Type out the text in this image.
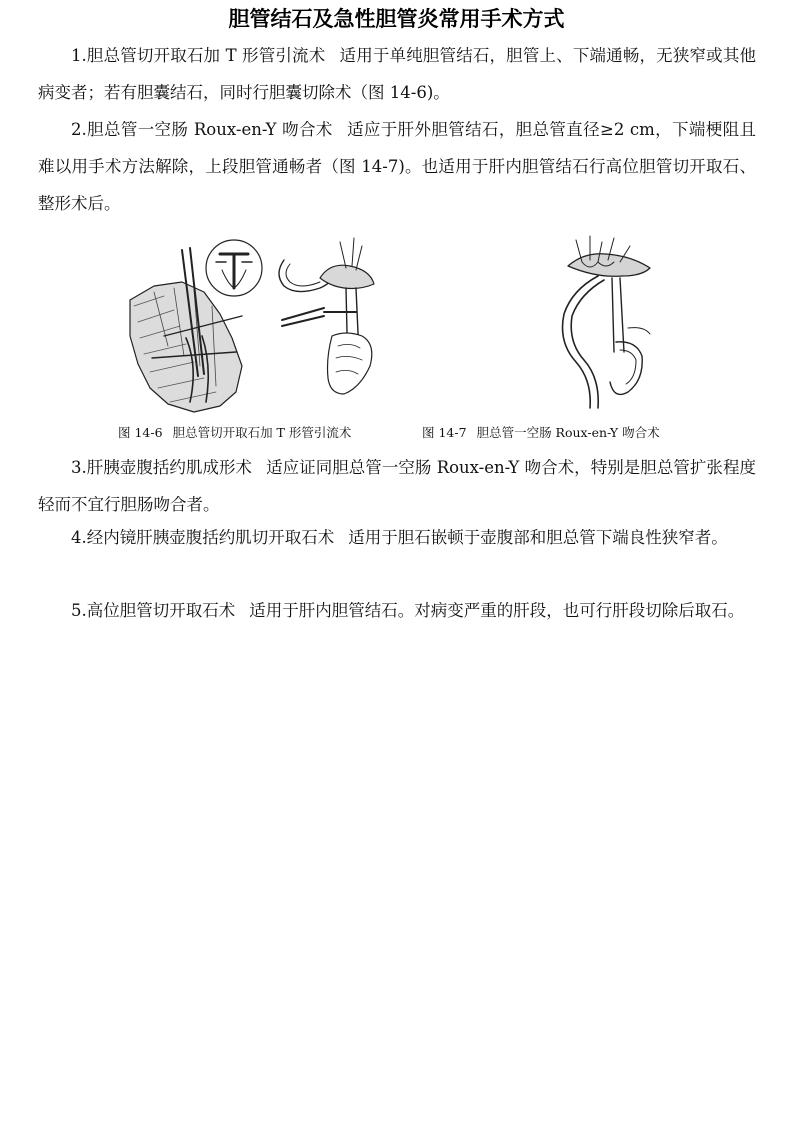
胆管结石及急性胆管炎常用手术方式

1.胆总管切开取石加 T 形管引流术 适用于单纯胆管结石，胆管上、下端通畅，无狭窄或其他病变者；若有胆囊结石，同时行胆囊切除术（图 14-6)。

2.胆总管一空肠 Roux-en-Y 吻合术 适应于肝外胆管结石，胆总管直径≥2 cm，下端梗阻且难以用手术方法解除，上段胆管通畅者（图 14-7)。也适用于肝内胆管结石行高位胆管切开取石、整形术后。

图 14-6 胆总管切开取石加 T 形管引流术	图 14-7 胆总管一空肠 Roux-en-Y 吻合术

3.肝胰壶腹括约肌成形术 适应证同胆总管一空肠 Roux-en-Y 吻合术，特别是胆总管扩张程度轻而不宜行胆肠吻合者。

4.经内镜肝胰壶腹括约肌切开取石术 适用于胆石嵌顿于壶腹部和胆总管下端良性狭窄者。

5.高位胆管切开取石术 适用于肝内胆管结石。对病变严重的肝段，也可行肝段切除后取石。
